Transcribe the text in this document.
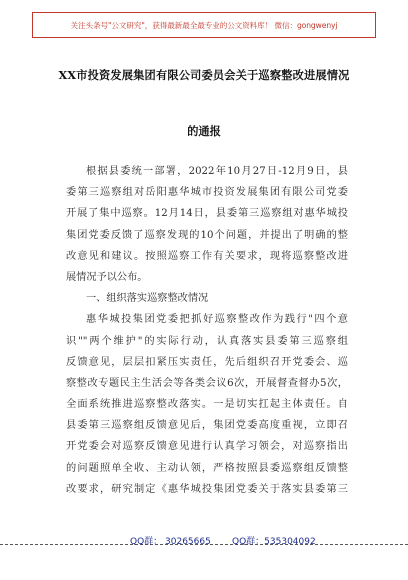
关注头条号"公文研究"，获得最新最全最专业的公文资料库！ 微信：gongwenyj
XX市投资发展集团有限公司委员会关于巡察整改进展情况
的通报
根据县委统一部署，2022年10月27日-12月9日，县
委第三巡察组对岳阳惠华城市投资发展集团有限公司党委
开展了集中巡察。12月14日，县委第三巡察组对惠华城投
集团党委反馈了巡察发现的10个问题，并提出了明确的整
改意见和建议。按照巡察工作有关要求，现将巡察整改进
展情况予以公布。
一、组织落实巡察整改情况
惠华城投集团党委把抓好巡察整改作为践行"四个意
识""两个维护"的实际行动，认真落实县委第三巡察组
反馈意见，层层扣紧压实责任，先后组织召开党委会、巡
察整改专题民主生活会等各类会议6次，开展督查督办5次，
全面系统推进巡察整改落实。一是切实扛起主体责任。自
县委第三巡察组反馈意见后，集团党委高度重视，立即召
开党委会对巡察反馈意见进行认真学习领会，对巡察指出
的问题照单全收、主动认领，严格按照县委巡察组反馈整
改要求，研究制定《惠华城投集团党委关于落实县委第三
QQ群： 30265665 QQ群：535304092
